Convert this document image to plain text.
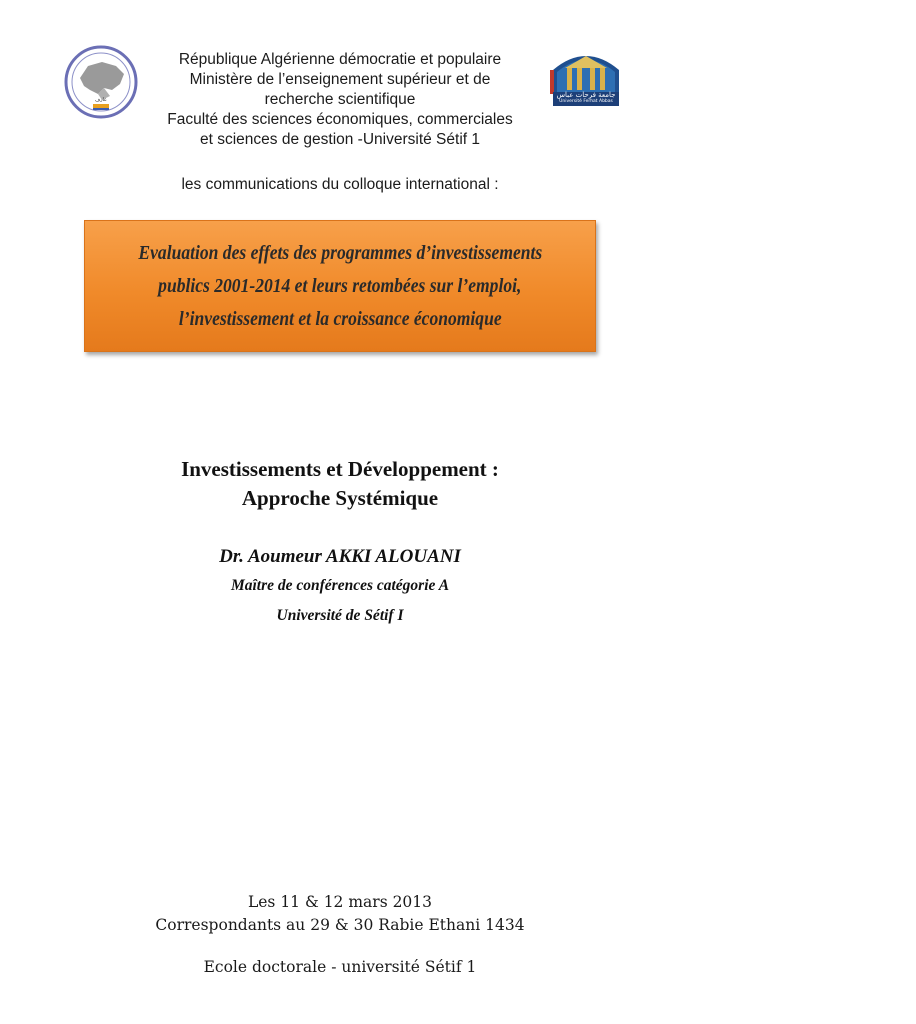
ﻋﺎﺭﻑ
République Algérienne démocratie et populaire
Ministère de l’enseignement supérieur et de
recherche scientifique
Faculté des sciences économiques, commerciales
et sciences de gestion -Université Sétif 1
جامعة فرحات عباس
Université Ferhat Abbas
les communications du colloque international :
Evaluation des effets des programmes d’investissements
publics 2001-2014 et leurs retombées sur l’emploi,
l’investissement et la croissance économique
Investissements et Développement :
Approche Systémique
Dr. Aoumeur AKKI ALOUANI
Maître de conférences catégorie A
Université de Sétif I
Les 11 & 12 mars 2013
Correspondants au 29 & 30 Rabie Ethani 1434
Ecole doctorale - université Sétif 1
